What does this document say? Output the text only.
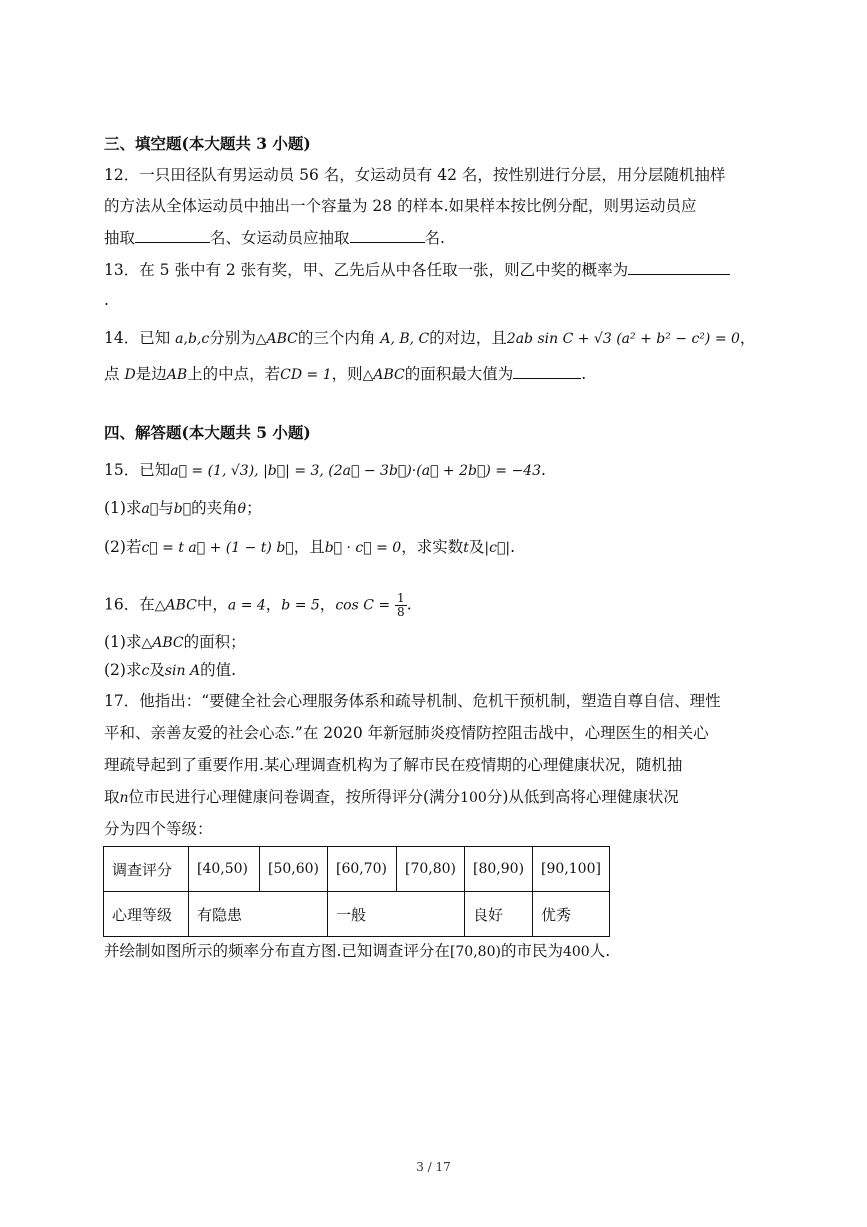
三、填空题(本大题共 3 小题)
12．一只田径队有男运动员 56 名，女运动员有 42 名，按性别进行分层，用分层随机抽样
的方法从全体运动员中抽出一个容量为 28 的样本.如果样本按比例分配，则男运动员应
抽取	名、女运动员应抽取	名.
13．在 5 张中有 2 张有奖，甲、乙先后从中各任取一张，则乙中奖的概率为
.
14．已知 a,b,c分别为△ABC的三个内角 A, B, C的对边，且2ab sin C + √3 (a² + b² − c²) = 0，
点 D是边AB上的中点，若CD = 1，则△ABC的面积最大值为	.
四、解答题(本大题共 5 小题)
15．已知a⃗ = (1, √3), |b⃗| = 3, (2a⃗ − 3b⃗)·(a⃗ + 2b⃗) = −43.
(1)求a⃗与b⃗的夹角θ；
(2)若c⃗ = t a⃗ + (1 − t) b⃗，且b⃗ · c⃗ = 0，求实数t及|c⃗|.
16．在△ABC中，a = 4，b = 5，$\cos C = \frac{1}{8}$ .
(1)求△ABC的面积；
(2)求c及sin A的值.
17．他指出：“要健全社会心理服务体系和疏导机制、危机干预机制，塑造自尊自信、理性
平和、亲善友爱的社会心态.”在 2020 年新冠肺炎疫情防控阻击战中，心理医生的相关心
理疏导起到了重要作用.某心理调查机构为了解市民在疫情期的心理健康状况，随机抽
取n位市民进行心理健康问卷调查，按所得评分(满分100分)从低到高将心理健康状况
分为四个等级：
调查评分	[40,50)	[50,60)	[60,70)	[70,80)	[80,90)	[90,100]
心理等级	有隐患		一般		良好	优秀
并绘制如图所示的频率分布直方图.已知调查评分在[70,80)的市民为400人.
3 / 17
